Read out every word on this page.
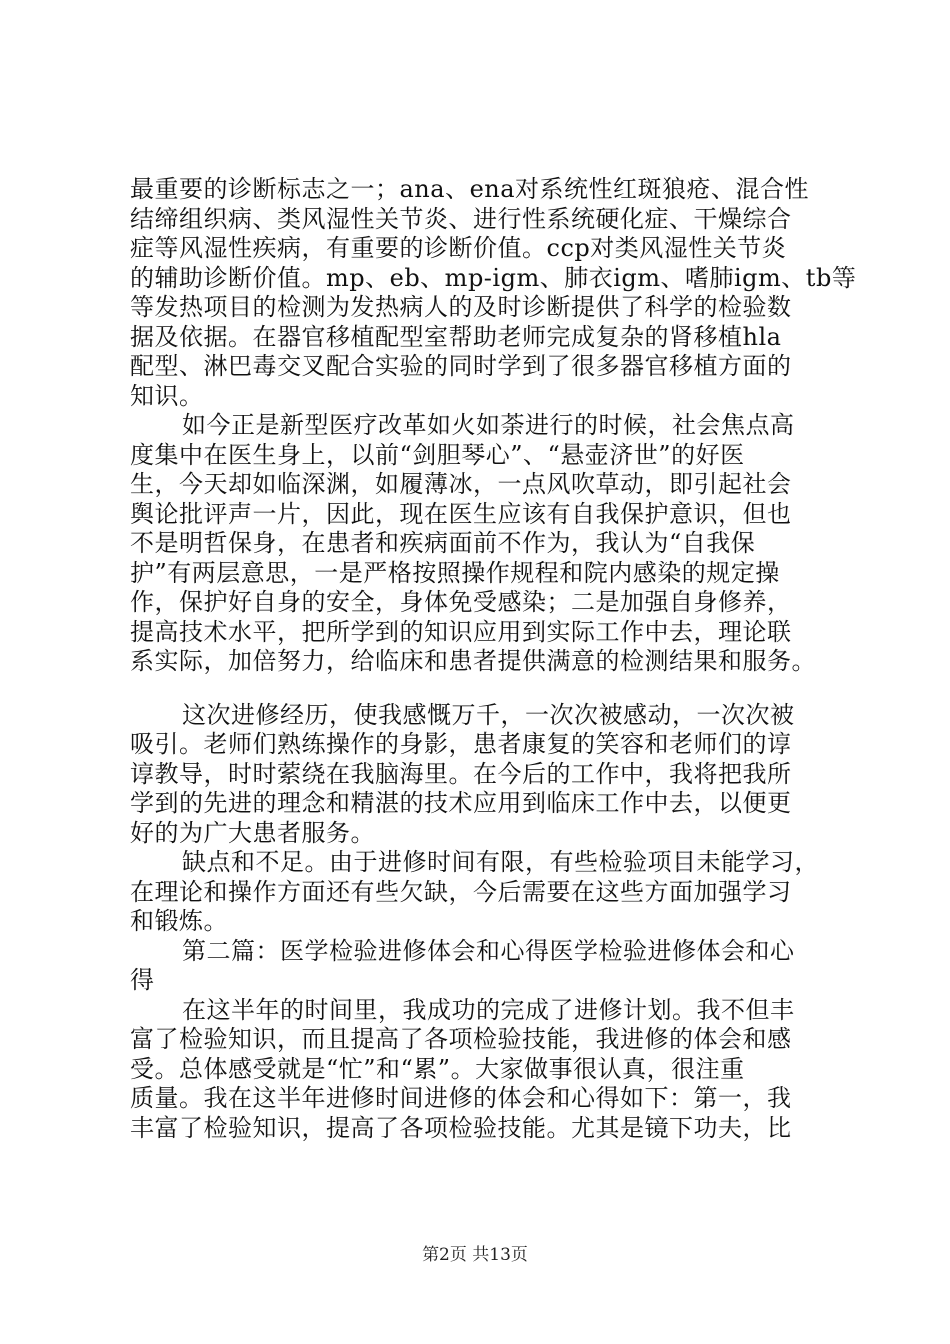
最重要的诊断标志之一；ana、ena对系统性红斑狼疮、混合性
结缔组织病、类风湿性关节炎、进行性系统硬化症、干燥综合
症等风湿性疾病，有重要的诊断价值。ccp对类风湿性关节炎
的辅助诊断价值。mp、eb、mp-igm、肺衣igm、嗜肺igm、tb等
等发热项目的检测为发热病人的及时诊断提供了科学的检验数
据及依据。在器官移植配型室帮助老师完成复杂的肾移植hla
配型、淋巴毒交叉配合实验的同时学到了很多器官移植方面的
知识。
如今正是新型医疗改革如火如荼进行的时候，社会焦点高
度集中在医生身上，以前“剑胆琴心”、“悬壶济世”的好医
生，今天却如临深渊，如履薄冰，一点风吹草动，即引起社会
舆论批评声一片，因此，现在医生应该有自我保护意识，但也
不是明哲保身，在患者和疾病面前不作为，我认为“自我保
护”有两层意思，一是严格按照操作规程和院内感染的规定操
作，保护好自身的安全，身体免受感染；二是加强自身修养，
提高技术水平，把所学到的知识应用到实际工作中去，理论联
系实际，加倍努力，给临床和患者提供满意的检测结果和服务。
这次进修经历，使我感慨万千，一次次被感动，一次次被
吸引。老师们熟练操作的身影，患者康复的笑容和老师们的谆
谆教导，时时萦绕在我脑海里。在今后的工作中，我将把我所
学到的先进的理念和精湛的技术应用到临床工作中去，以便更
好的为广大患者服务。
缺点和不足。由于进修时间有限，有些检验项目未能学习，
在理论和操作方面还有些欠缺，今后需要在这些方面加强学习
和锻炼。
第二篇：医学检验进修体会和心得医学检验进修体会和心
得
在这半年的时间里，我成功的完成了进修计划。我不但丰
富了检验知识，而且提高了各项检验技能，我进修的体会和感
受。总体感受就是“忙”和“累”。大家做事很认真，很注重
质量。我在这半年进修时间进修的体会和心得如下：第一，我
丰富了检验知识，提高了各项检验技能。尤其是镜下功夫，比
第2页 共13页
